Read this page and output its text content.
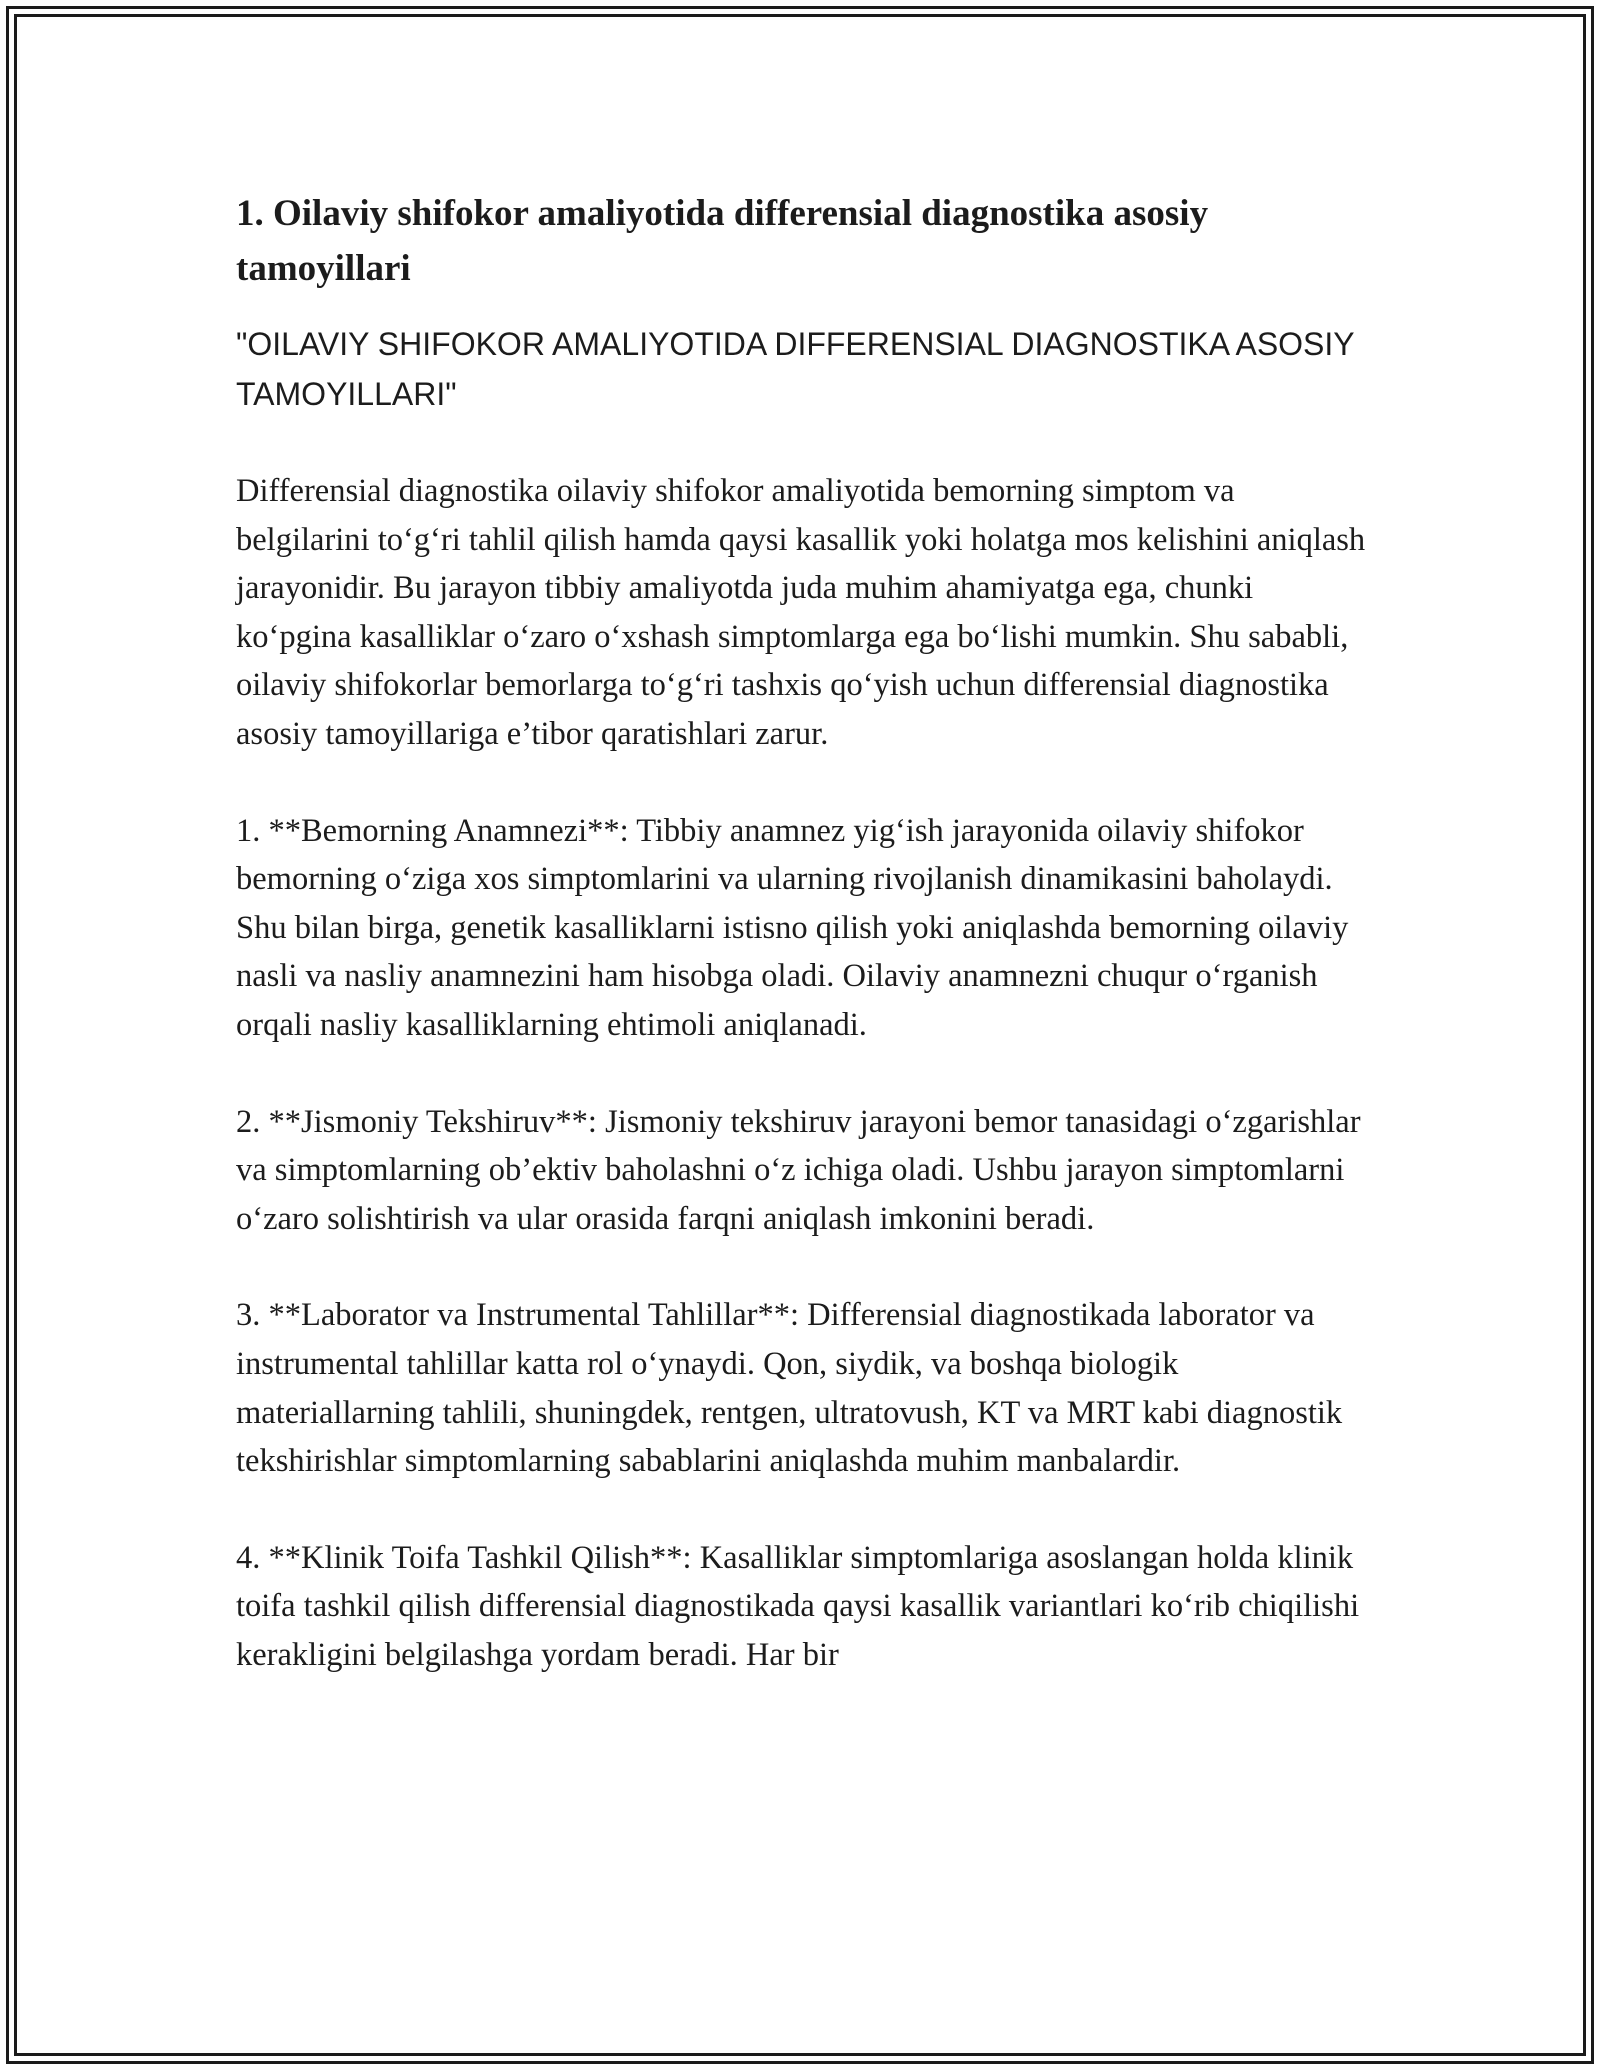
1. Oilaviy shifokor amaliyotida differensial diagnostika asosiy tamoyillari

"OILAVIY SHIFOKOR AMALIYOTIDA DIFFERENSIAL DIAGNOSTIKA ASOSIY TAMOYILLARI"

Differensial diagnostika oilaviy shifokor amaliyotida bemorning simptom va belgilarini to‘g‘ri tahlil qilish hamda qaysi kasallik yoki holatga mos kelishini aniqlash jarayonidir. Bu jarayon tibbiy amaliyotda juda muhim ahamiyatga ega, chunki ko‘pgina kasalliklar o‘zaro o‘xshash simptomlarga ega bo‘lishi mumkin. Shu sababli, oilaviy shifokorlar bemorlarga to‘g‘ri tashxis qo‘yish uchun differensial diagnostika asosiy tamoyillariga e’tibor qaratishlari zarur.

1. **Bemorning Anamnezi**: Tibbiy anamnez yig‘ish jarayonida oilaviy shifokor bemorning o‘ziga xos simptomlarini va ularning rivojlanish dinamikasini baholaydi. Shu bilan birga, genetik kasalliklarni istisno qilish yoki aniqlashda bemorning oilaviy nasli va nasliy anamnezini ham hisobga oladi. Oilaviy anamnezni chuqur o‘rganish orqali nasliy kasalliklarning ehtimoli aniqlanadi.

2. **Jismoniy Tekshiruv**: Jismoniy tekshiruv jarayoni bemor tanasidagi o‘zgarishlar va simptomlarning ob’ektiv baholashni o‘z ichiga oladi. Ushbu jarayon simptomlarni o‘zaro solishtirish va ular orasida farqni aniqlash imkonini beradi.

3. **Laborator va Instrumental Tahlillar**: Differensial diagnostikada laborator va instrumental tahlillar katta rol o‘ynaydi. Qon, siydik, va boshqa biologik materiallarning tahlili, shuningdek, rentgen, ultratovush, KT va MRT kabi diagnostik tekshirishlar simptomlarning sabablarini aniqlashda muhim manbalardir.

4. **Klinik Toifa Tashkil Qilish**: Kasalliklar simptomlariga asoslangan holda klinik toifa tashkil qilish differensial diagnostikada qaysi kasallik variantlari ko‘rib chiqilishi kerakligini belgilashga yordam beradi. Har bir
